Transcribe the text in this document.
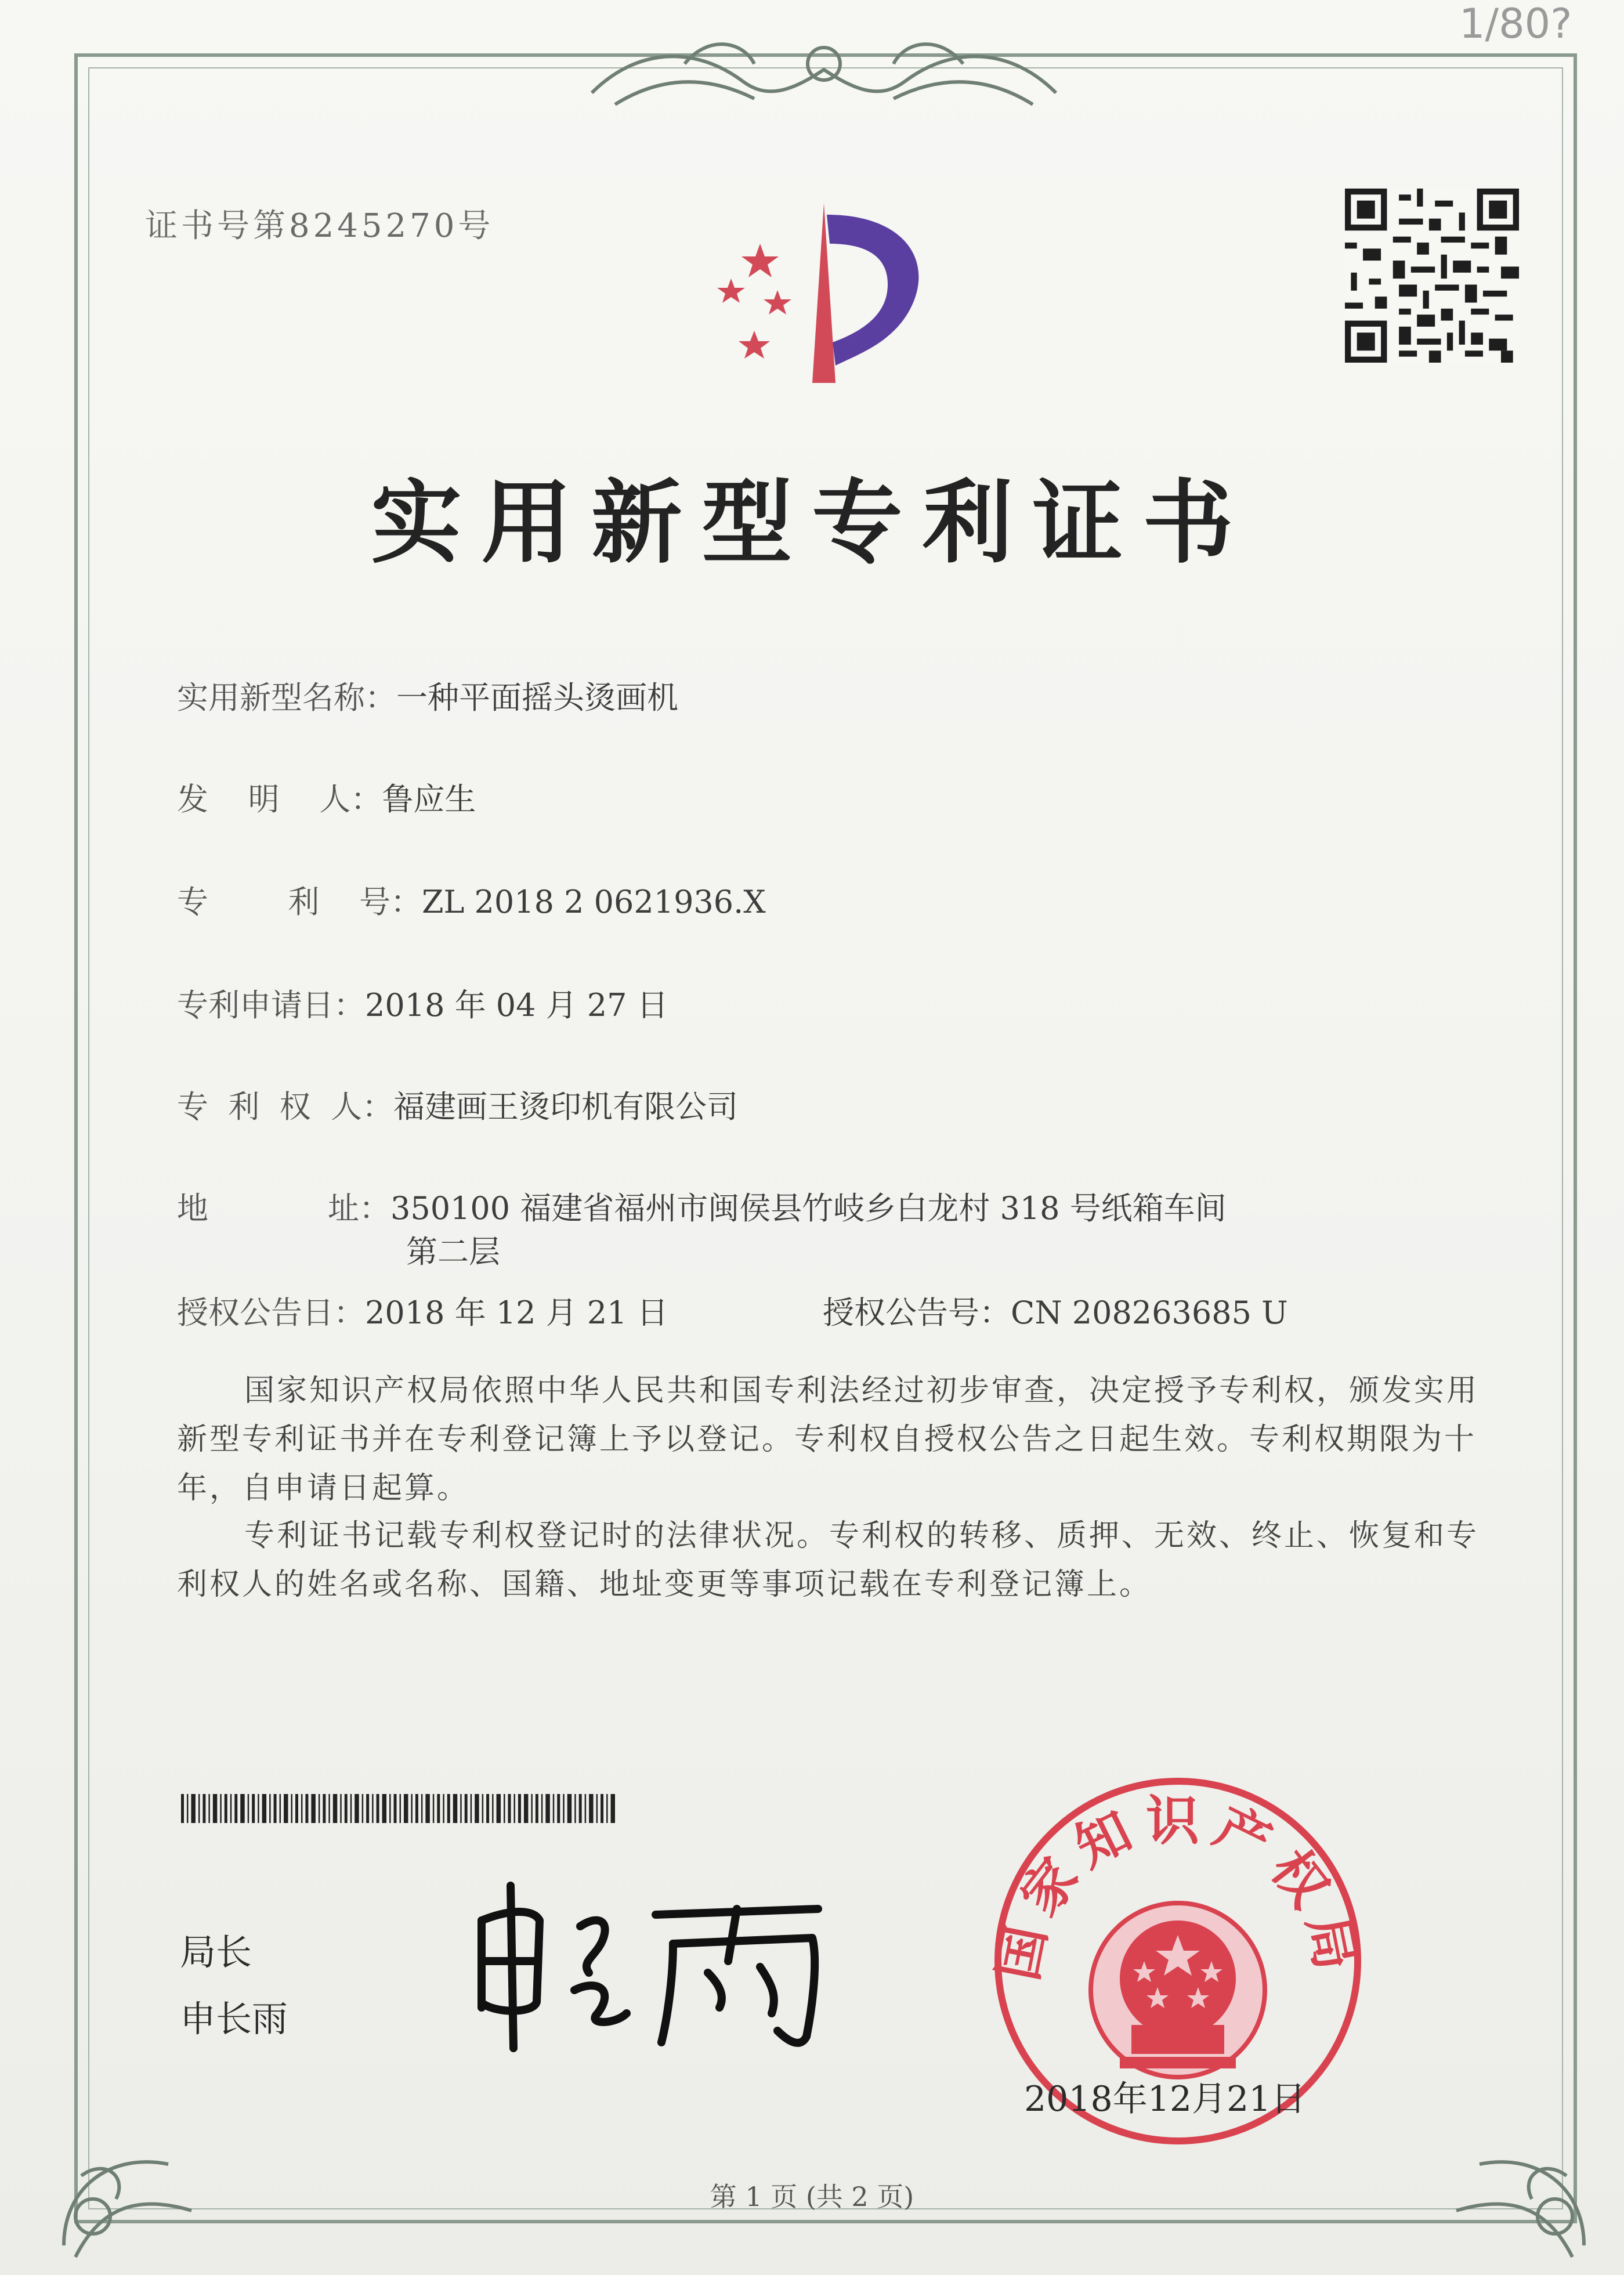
1/80?
证书号第8245270号
实用新型专利证书
实用新型名称：一种平面摇头烫画机
发    明    人：鲁应生
专        利    号：ZL 2018 2 0621936.X
专利申请日：2018 年 04 月 27 日
专  利  权  人：福建画王烫印机有限公司
地            址：350100 福建省福州市闽侯县竹岐乡白龙村 318 号纸箱车间
第二层
授权公告日：2018 年 12 月 21 日	授权公告号：CN 208263685 U
国家知识产权局依照中华人民共和国专利法经过初步审查，决定授予专利权，颁发实用新型专利证书并在专利登记簿上予以登记。专利权自授权公告之日起生效。专利权期限为十年，自申请日起算。
专利证书记载专利权登记时的法律状况。专利权的转移、质押、无效、终止、恢复和专利权人的姓名或名称、国籍、地址变更等事项记载在专利登记簿上。
局长
申长雨
国家知识产权局
2018年12月21日
第 1 页 (共 2 页)
